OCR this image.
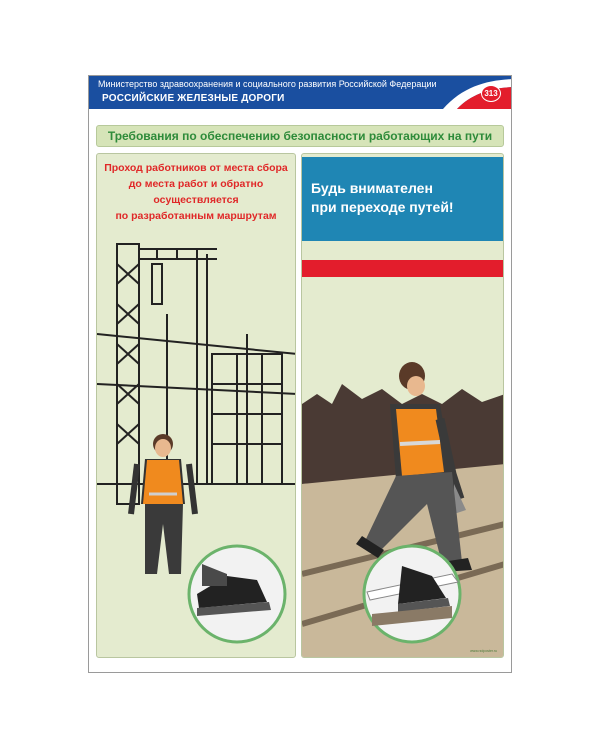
Министерство здравоохранения и социального развития Российской Федерации
РОССИЙСКИЕ ЖЕЛЕЗНЫЕ ДОРОГИ	313
Требования по обеспечению безопасности работающих на пути
Проход работников от места сбора
до места работ и обратно
осуществляется
по разработанным маршрутам
Будь внимателен
при переходе путей!
www.rzdposter.ru
